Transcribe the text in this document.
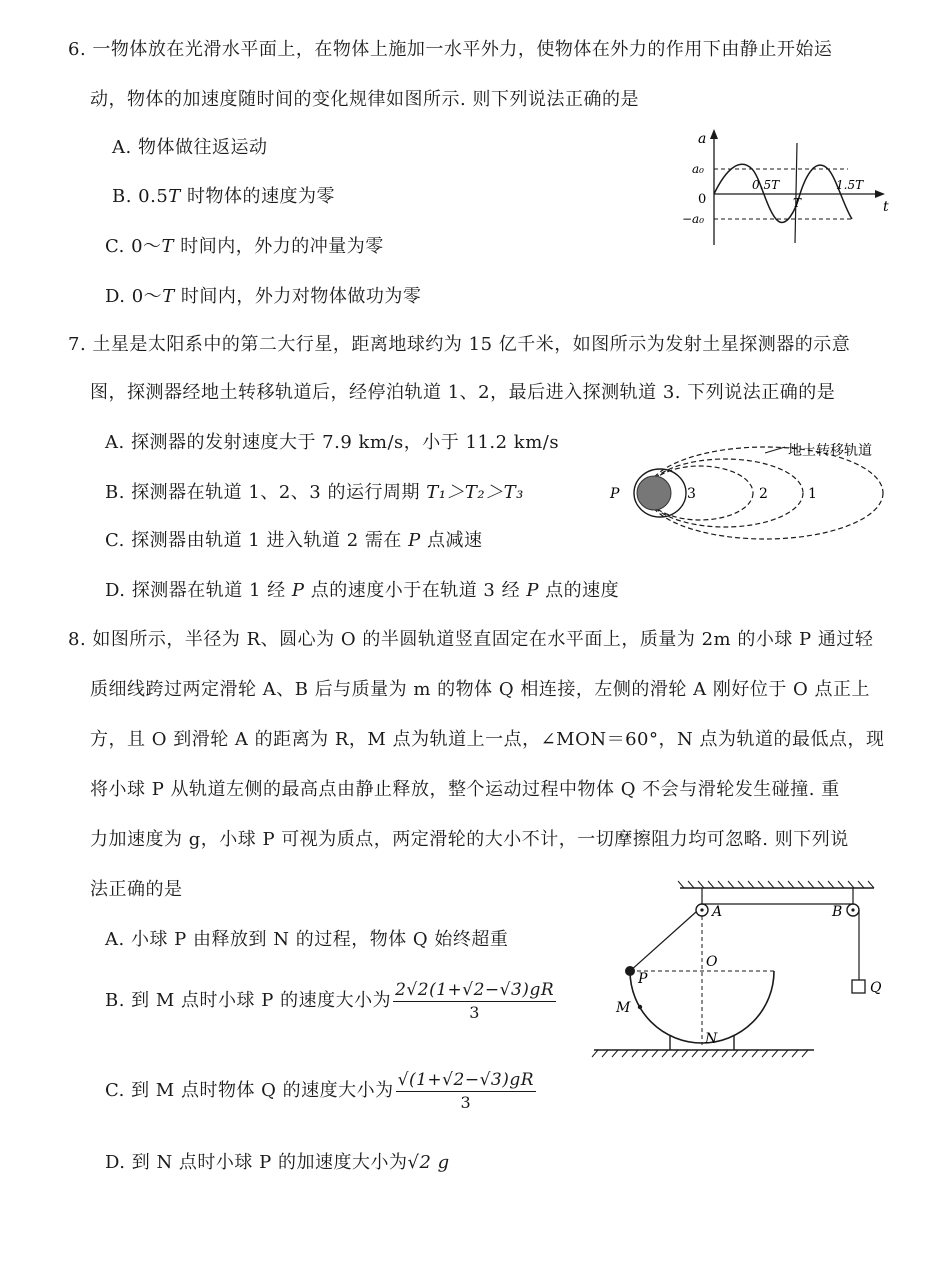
6. 一物体放在光滑水平面上，在物体上施加一水平外力，使物体在外力的作用下由静止开始运
动，物体的加速度随时间的变化规律如图所示. 则下列说法正确的是
A. 物体做往返运动
B. 0.5T 时物体的速度为零
C. 0～T 时间内，外力的冲量为零
D. 0～T 时间内，外力对物体做功为零
a
a₀
0
−a₀
0.5T
T
1.5T
t
7. 土星是太阳系中的第二大行星，距离地球约为 15 亿千米，如图所示为发射土星探测器的示意
图，探测器经地土转移轨道后，经停泊轨道 1、2，最后进入探测轨道 3. 下列说法正确的是
A. 探测器的发射速度大于 7.9 km/s，小于 11.2 km/s
B. 探测器在轨道 1、2、3 的运行周期 T₁＞T₂＞T₃
C. 探测器由轨道 1 进入轨道 2 需在 P 点减速
D. 探测器在轨道 1 经 P 点的速度小于在轨道 3 经 P 点的速度
地土转移轨道
P	3	2	1
8. 如图所示，半径为 R、圆心为 O 的半圆轨道竖直固定在水平面上，质量为 2m 的小球 P 通过轻
质细线跨过两定滑轮 A、B 后与质量为 m 的物体 Q 相连接，左侧的滑轮 A 刚好位于 O 点正上
方，且 O 到滑轮 A 的距离为 R，M 点为轨道上一点，∠MON＝60°，N 点为轨道的最低点，现
将小球 P 从轨道左侧的最高点由静止释放，整个运动过程中物体 Q 不会与滑轮发生碰撞. 重
力加速度为 g，小球 P 可视为质点，两定滑轮的大小不计，一切摩擦阻力均可忽略. 则下列说
法正确的是
A. 小球 P 由释放到 N 的过程，物体 Q 始终超重
B. 到 M 点时小球 P 的速度大小为 $\frac{2√2(1+√2-√3)gR}{3}$
C. 到 M 点时物体 Q 的速度大小为 $\frac{√(1+√2-√3)gR}{3}$
D. 到 N 点时小球 P 的加速度大小为√2 g
A	B
O
P
M
N
Q
